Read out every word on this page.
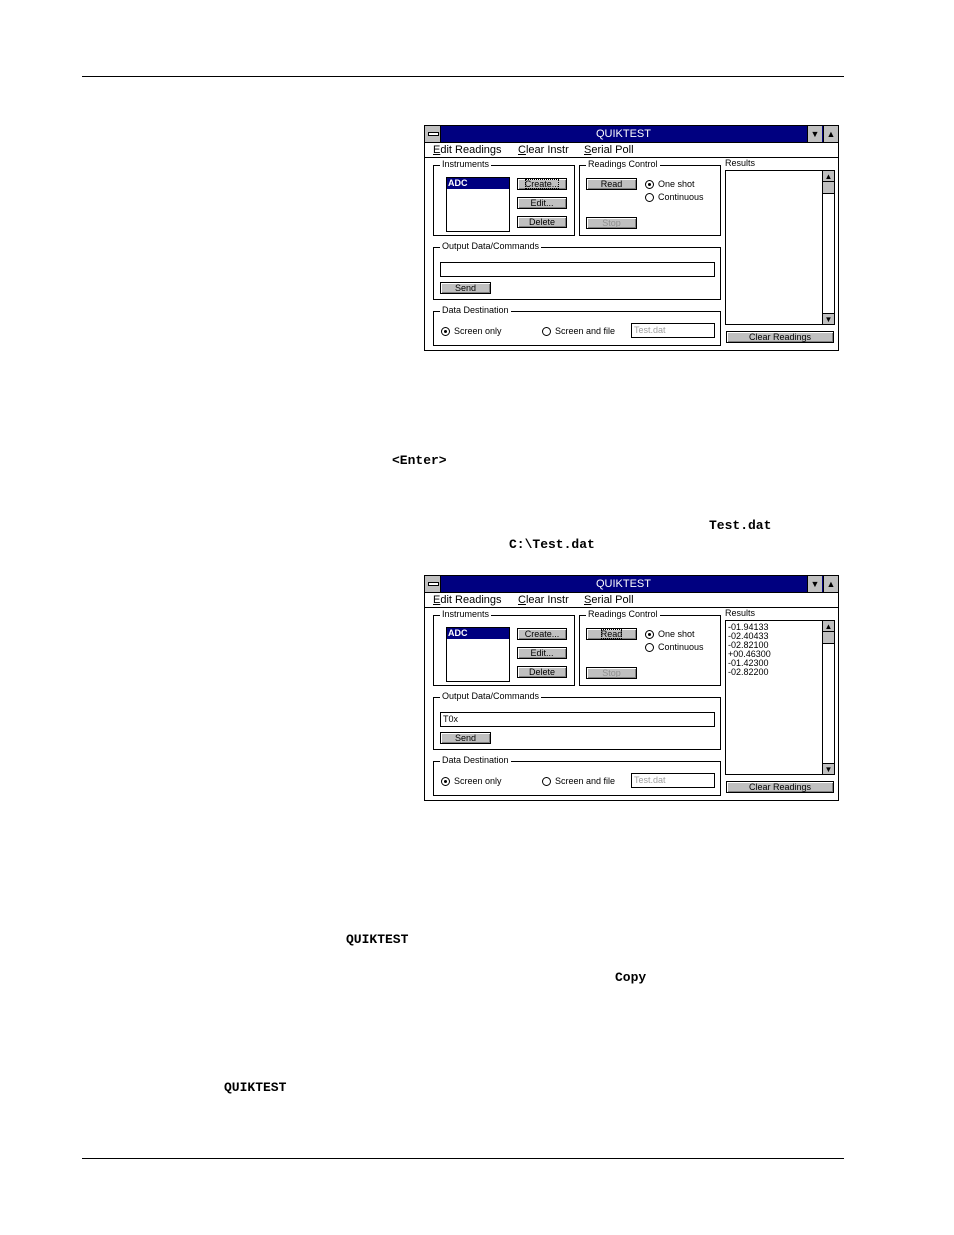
QUIKTEST	▼ ▲
Edit Readings Clear Instr Serial Poll
Instruments
ADC	Create...
Edit...
Delete
Readings Control
Read	One shot
Continuous
Stop
Output Data/Commands
Send
Data Destination
Screen only	Screen and file	Test.dat
Results
▲
▼
Clear Readings
<Enter>
Test.dat
C:\Test.dat
QUIKTEST	▼ ▲
Edit Readings Clear Instr Serial Poll
Instruments
ADC	Create...
Edit...
Delete
Readings Control
Read	One shot
Continuous
Stop
Output Data/Commands
T0x
Send
Data Destination
Screen only	Screen and file	Test.dat
Results
-01.94133
-02.40433
-02.82100
+00.46300
-01.42300
-02.82200
▲
▼
Clear Readings
QUIKTEST
Copy
QUIKTEST
